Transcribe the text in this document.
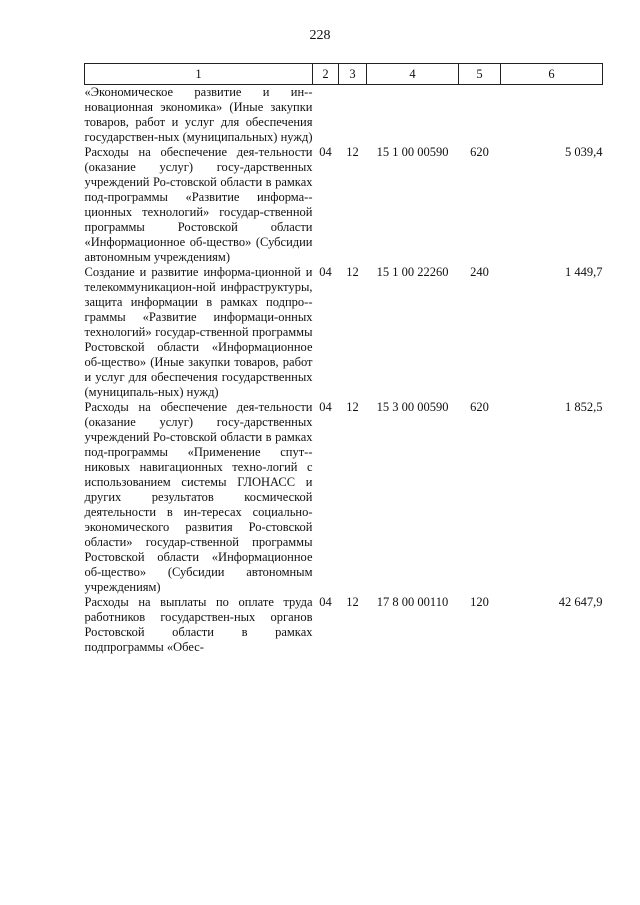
228
1	2	3	4	5	6
«Экономическое развитие и ин-новационная экономика» (Иные закупки товаров, работ и услуг для обеспечения государствен-ных (муниципальных) нужд)					
Расходы на обеспечение дея-тельности (оказание услуг) госу-дарственных учреждений Ро-стовской области в рамках под-программы «Развитие информа-ционных технологий» государ-ственной программы Ростовской области «Информационное об-щество» (Субсидии автономным учреждениям)	04	12	15 1 00 00590	620	5 039,4
Создание и развитие информа-ционной и телекоммуникацион-ной инфраструктуры, защита информации в рамках подпро-граммы «Развитие информаци-онных технологий» государ-ственной программы Ростовской области «Информационное об-щество» (Иные закупки товаров, работ и услуг для обеспечения государственных (муниципаль-ных) нужд)	04	12	15 1 00 22260	240	1 449,7
Расходы на обеспечение дея-тельности (оказание услуг) госу-дарственных учреждений Ро-стовской области в рамках под-программы «Применение спут-никовых навигационных техно-логий с использованием системы ГЛОНАСС и других результатов космической деятельности в ин-тересах социально-экономического развития Ро-стовской области» государ-ственной программы Ростовской области «Информационное об-щество» (Субсидии автономным учреждениям)	04	12	15 3 00 00590	620	1 852,5
Расходы на выплаты по оплате труда работников государствен-ных органов Ростовской области в рамках подпрограммы «Обес-	04	12	17 8 00 00110	120	42 647,9
